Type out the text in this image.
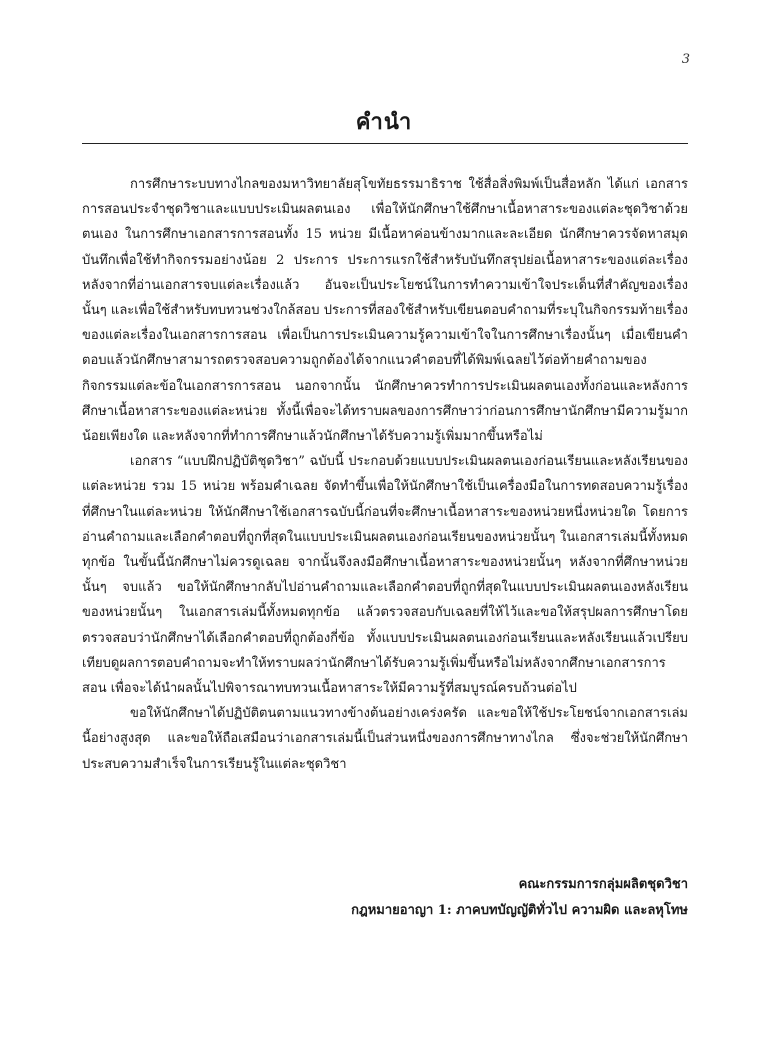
3
คำนำ

การศึกษาระบบทางไกลของมหาวิทยาลัยสุโขทัยธรรมาธิราช ใช้สื่อสิ่งพิมพ์เป็นสื่อหลัก ได้แก่ เอกสารการสอนประจำชุดวิชาและแบบประเมินผลตนเอง เพื่อให้นักศึกษาใช้ศึกษาเนื้อหาสาระของแต่ละชุดวิชาด้วยตนเอง ในการศึกษาเอกสารการสอนทั้ง 15 หน่วย มีเนื้อหาค่อนข้างมากและละเอียด นักศึกษาควรจัดหาสมุดบันทึกเพื่อใช้ทำกิจกรรมอย่างน้อย 2 ประการ ประการแรกใช้สำหรับบันทึกสรุปย่อเนื้อหาสาระของแต่ละเรื่อง หลังจากที่อ่านเอกสารจบแต่ละเรื่องแล้ว อันจะเป็นประโยชน์ในการทำความเข้าใจประเด็นที่สำคัญของเรื่องนั้นๆ และเพื่อใช้สำหรับทบทวนช่วงใกล้สอบ ประการที่สองใช้สำหรับเขียนตอบคำถามที่ระบุในกิจกรรมท้ายเรื่องของแต่ละเรื่องในเอกสารการสอน เพื่อเป็นการประเมินความรู้ความเข้าใจในการศึกษาเรื่องนั้นๆ เมื่อเขียนคำตอบแล้วนักศึกษาสามารถตรวจสอบความถูกต้องได้จากแนวคำตอบที่ได้พิมพ์เฉลยไว้ต่อท้ายคำถามของกิจกรรมแต่ละข้อในเอกสารการสอน นอกจากนั้น นักศึกษาควรทำการประเมินผลตนเองทั้งก่อนและหลังการศึกษาเนื้อหาสาระของแต่ละหน่วย ทั้งนี้เพื่อจะได้ทราบผลของการศึกษาว่าก่อนการศึกษานักศึกษามีความรู้มากน้อยเพียงใด และหลังจากที่ทำการศึกษาแล้วนักศึกษาได้รับความรู้เพิ่มมากขึ้นหรือไม่

เอกสาร “แบบฝึกปฏิบัติชุดวิชา” ฉบับนี้ ประกอบด้วยแบบประเมินผลตนเองก่อนเรียนและหลังเรียนของแต่ละหน่วย รวม 15 หน่วย พร้อมคำเฉลย จัดทำขึ้นเพื่อให้นักศึกษาใช้เป็นเครื่องมือในการทดสอบความรู้เรื่องที่ศึกษาในแต่ละหน่วย ให้นักศึกษาใช้เอกสารฉบับนี้ก่อนที่จะศึกษาเนื้อหาสาระของหน่วยหนึ่งหน่วยใด โดยการอ่านคำถามและเลือกคำตอบที่ถูกที่สุดในแบบประเมินผลตนเองก่อนเรียนของหน่วยนั้นๆ ในเอกสารเล่มนี้ทั้งหมดทุกข้อ ในขั้นนี้นักศึกษาไม่ควรดูเฉลย จากนั้นจึงลงมือศึกษาเนื้อหาสาระของหน่วยนั้นๆ หลังจากที่ศึกษาหน่วยนั้นๆ จบแล้ว ขอให้นักศึกษากลับไปอ่านคำถามและเลือกคำตอบที่ถูกที่สุดในแบบประเมินผลตนเองหลังเรียนของหน่วยนั้นๆ ในเอกสารเล่มนี้ทั้งหมดทุกข้อ แล้วตรวจสอบกับเฉลยที่ให้ไว้และขอให้สรุปผลการศึกษาโดยตรวจสอบว่านักศึกษาได้เลือกคำตอบที่ถูกต้องกี่ข้อ ทั้งแบบประเมินผลตนเองก่อนเรียนและหลังเรียนแล้วเปรียบเทียบดูผลการตอบคำถามจะทำให้ทราบผลว่านักศึกษาได้รับความรู้เพิ่มขึ้นหรือไม่หลังจากศึกษาเอกสารการสอน เพื่อจะได้นำผลนั้นไปพิจารณาทบทวนเนื้อหาสาระให้มีความรู้ที่สมบูรณ์ครบถ้วนต่อไป

ขอให้นักศึกษาได้ปฏิบัติตนตามแนวทางข้างต้นอย่างเคร่งครัด และขอให้ใช้ประโยชน์จากเอกสารเล่มนี้อย่างสูงสุด และขอให้ถือเสมือนว่าเอกสารเล่มนี้เป็นส่วนหนึ่งของการศึกษาทางไกล ซึ่งจะช่วยให้นักศึกษาประสบความสำเร็จในการเรียนรู้ในแต่ละชุดวิชา

คณะกรรมการกลุ่มผลิตชุดวิชา
กฎหมายอาญา 1: ภาคบทบัญญัติทั่วไป ความผิด และลหุโทษ
